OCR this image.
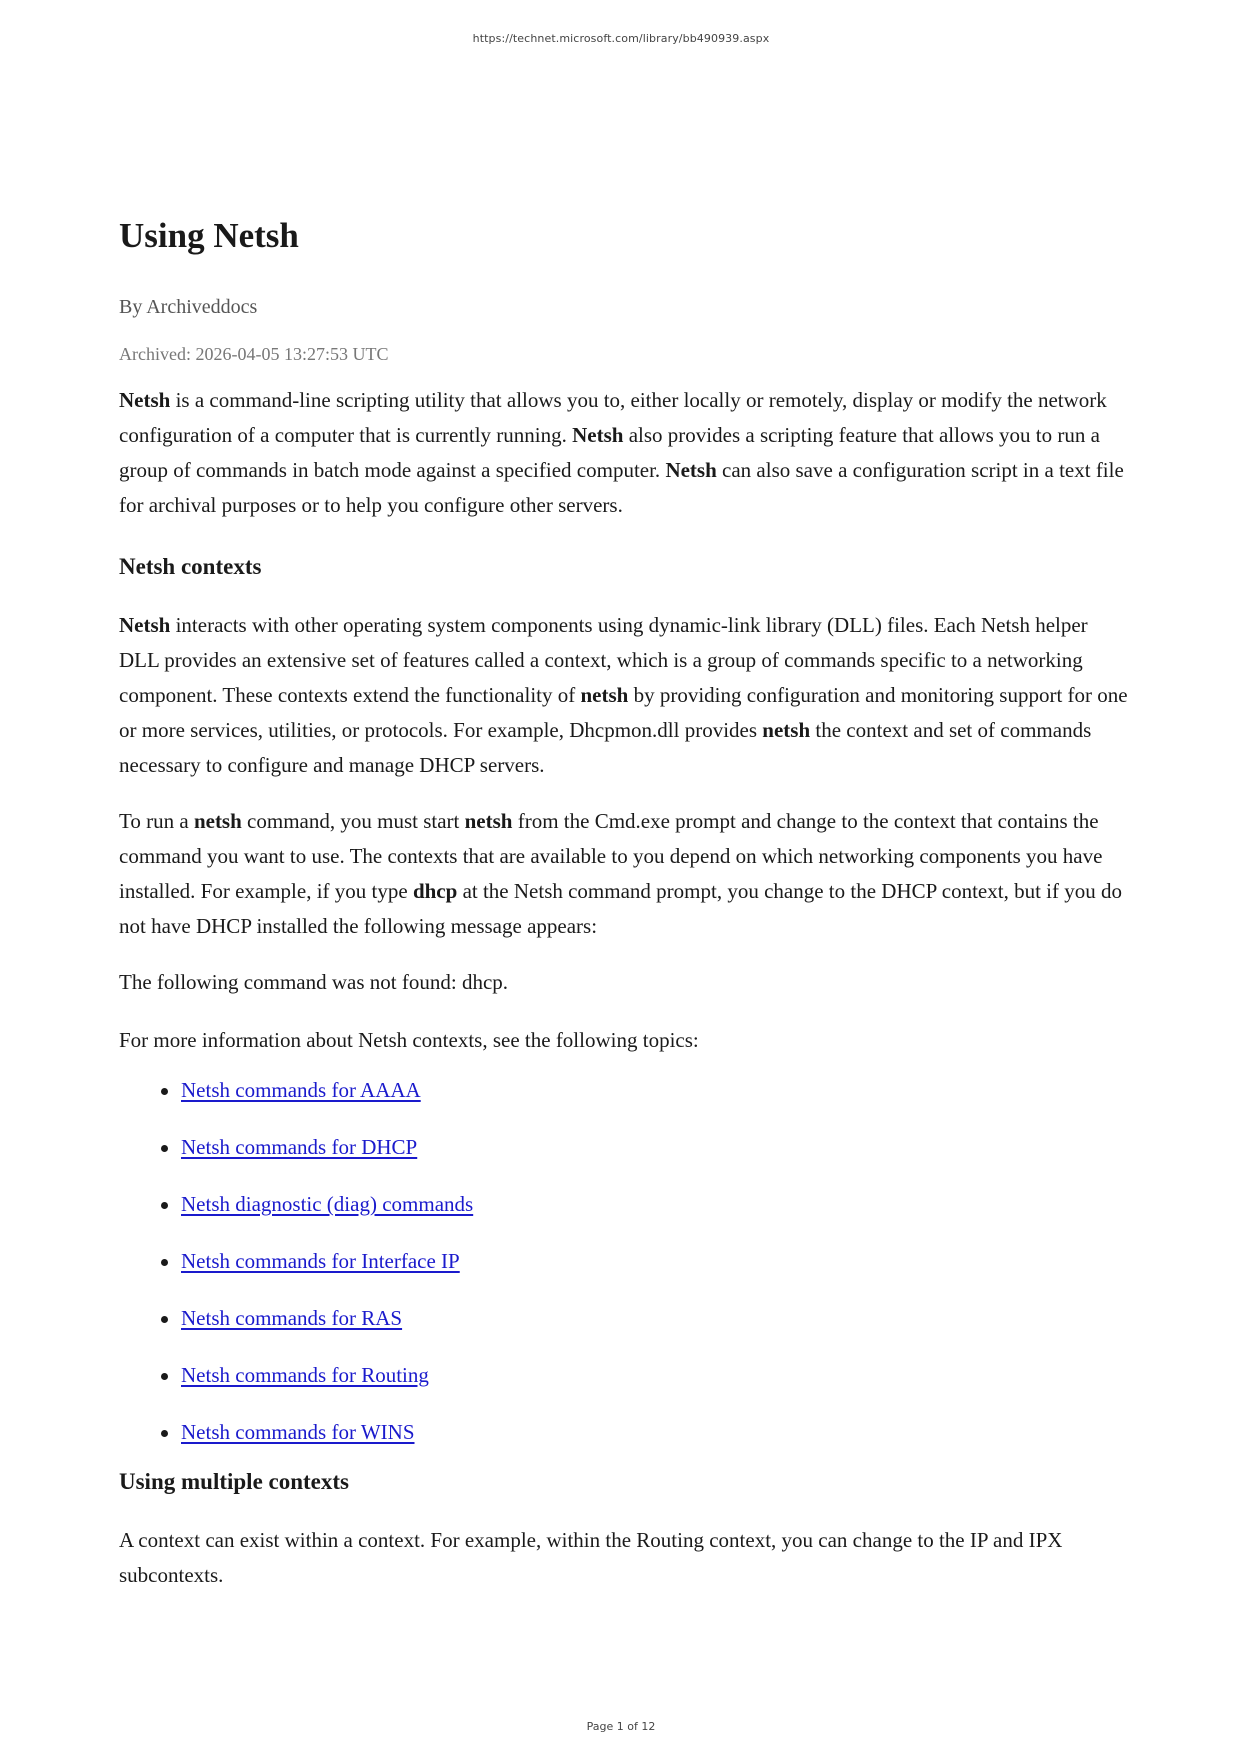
https://technet.microsoft.com/library/bb490939.aspx
Using Netsh
By Archiveddocs
Archived: 2026-04-05 13:27:53 UTC

Netsh is a command-line scripting utility that allows you to, either locally or remotely, display or modify the network configuration of a computer that is currently running. Netsh also provides a scripting feature that allows you to run a group of commands in batch mode against a specified computer. Netsh can also save a configuration script in a text file for archival purposes or to help you configure other servers.

Netsh contexts

Netsh interacts with other operating system components using dynamic-link library (DLL) files. Each Netsh helper DLL provides an extensive set of features called a context, which is a group of commands specific to a networking component. These contexts extend the functionality of netsh by providing configuration and monitoring support for one or more services, utilities, or protocols. For example, Dhcpmon.dll provides netsh the context and set of commands necessary to configure and manage DHCP servers.

To run a netsh command, you must start netsh from the Cmd.exe prompt and change to the context that contains the command you want to use. The contexts that are available to you depend on which networking components you have installed. For example, if you type dhcp at the Netsh command prompt, you change to the DHCP context, but if you do not have DHCP installed the following message appears:

The following command was not found: dhcp.

For more information about Netsh contexts, see the following topics:

Netsh commands for AAAA
Netsh commands for DHCP
Netsh diagnostic (diag) commands
Netsh commands for Interface IP
Netsh commands for RAS
Netsh commands for Routing
Netsh commands for WINS
Using multiple contexts

A context can exist within a context. For example, within the Routing context, you can change to the IP and IPX subcontexts.

Page 1 of 12
